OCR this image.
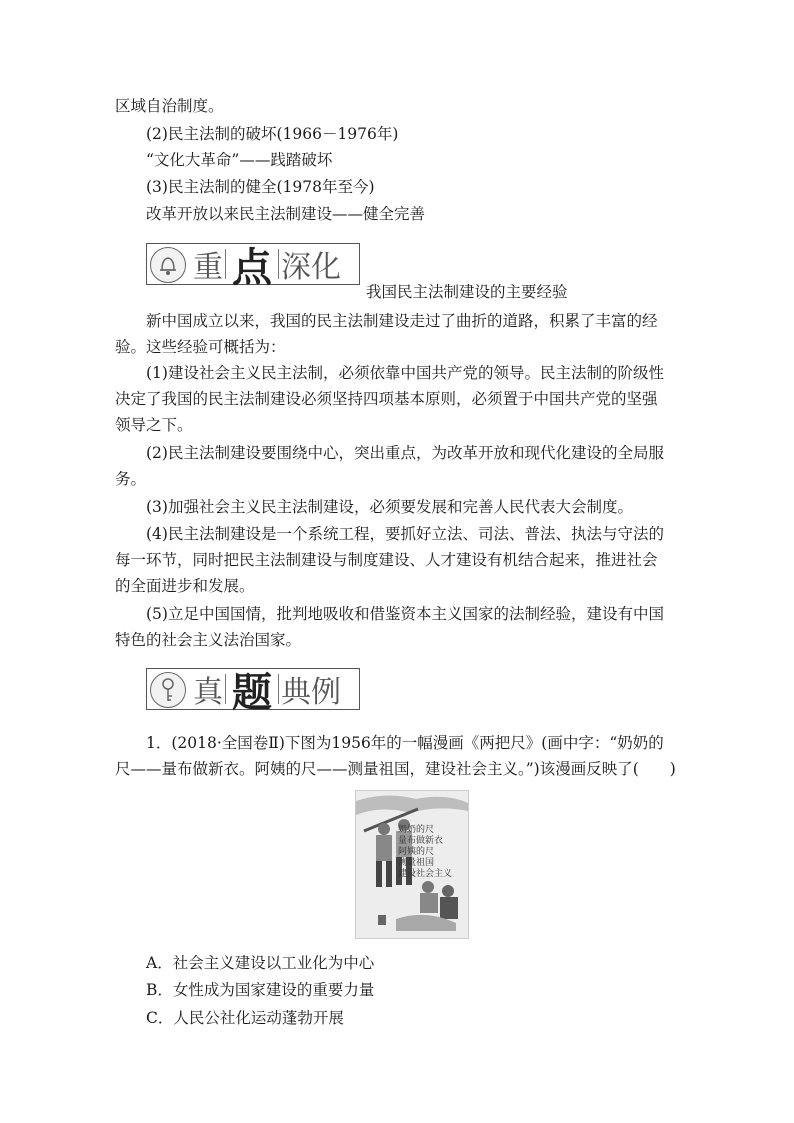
区域自治制度。
(2)民主法制的破坏(1966－1976年)
“文化大革命”——践踏破坏
(3)民主法制的健全(1978年至今)
改革开放以来民主法制建设——健全完善
重 点 深化
我国民主法制建设的主要经验
新中国成立以来，我国的民主法制建设走过了曲折的道路，积累了丰富的经
验。这些经验可概括为：
(1)建设社会主义民主法制，必须依靠中国共产党的领导。民主法制的阶级性
决定了我国的民主法制建设必须坚持四项基本原则，必须置于中国共产党的坚强
领导之下。
(2)民主法制建设要围绕中心，突出重点，为改革开放和现代化建设的全局服
务。
(3)加强社会主义民主法制建设，必须要发展和完善人民代表大会制度。
(4)民主法制建设是一个系统工程，要抓好立法、司法、普法、执法与守法的
每一环节，同时把民主法制建设与制度建设、人才建设有机结合起来，推进社会
的全面进步和发展。
(5)立足中国国情，批判地吸收和借鉴资本主义国家的法制经验，建设有中国
特色的社会主义法治国家。
真 题 典例
1．(2018·全国卷Ⅱ)下图为1956年的一幅漫画《两把尺》(画中字：“奶奶的
尺——量布做新衣。阿姨的尺——测量祖国，建设社会主义。”)该漫画反映了(　　)
奶奶的尺
量布做新衣
阿姨的尺
测量祖国
建设社会主义
A．社会主义建设以工业化为中心
B．女性成为国家建设的重要力量
C．人民公社化运动蓬勃开展
